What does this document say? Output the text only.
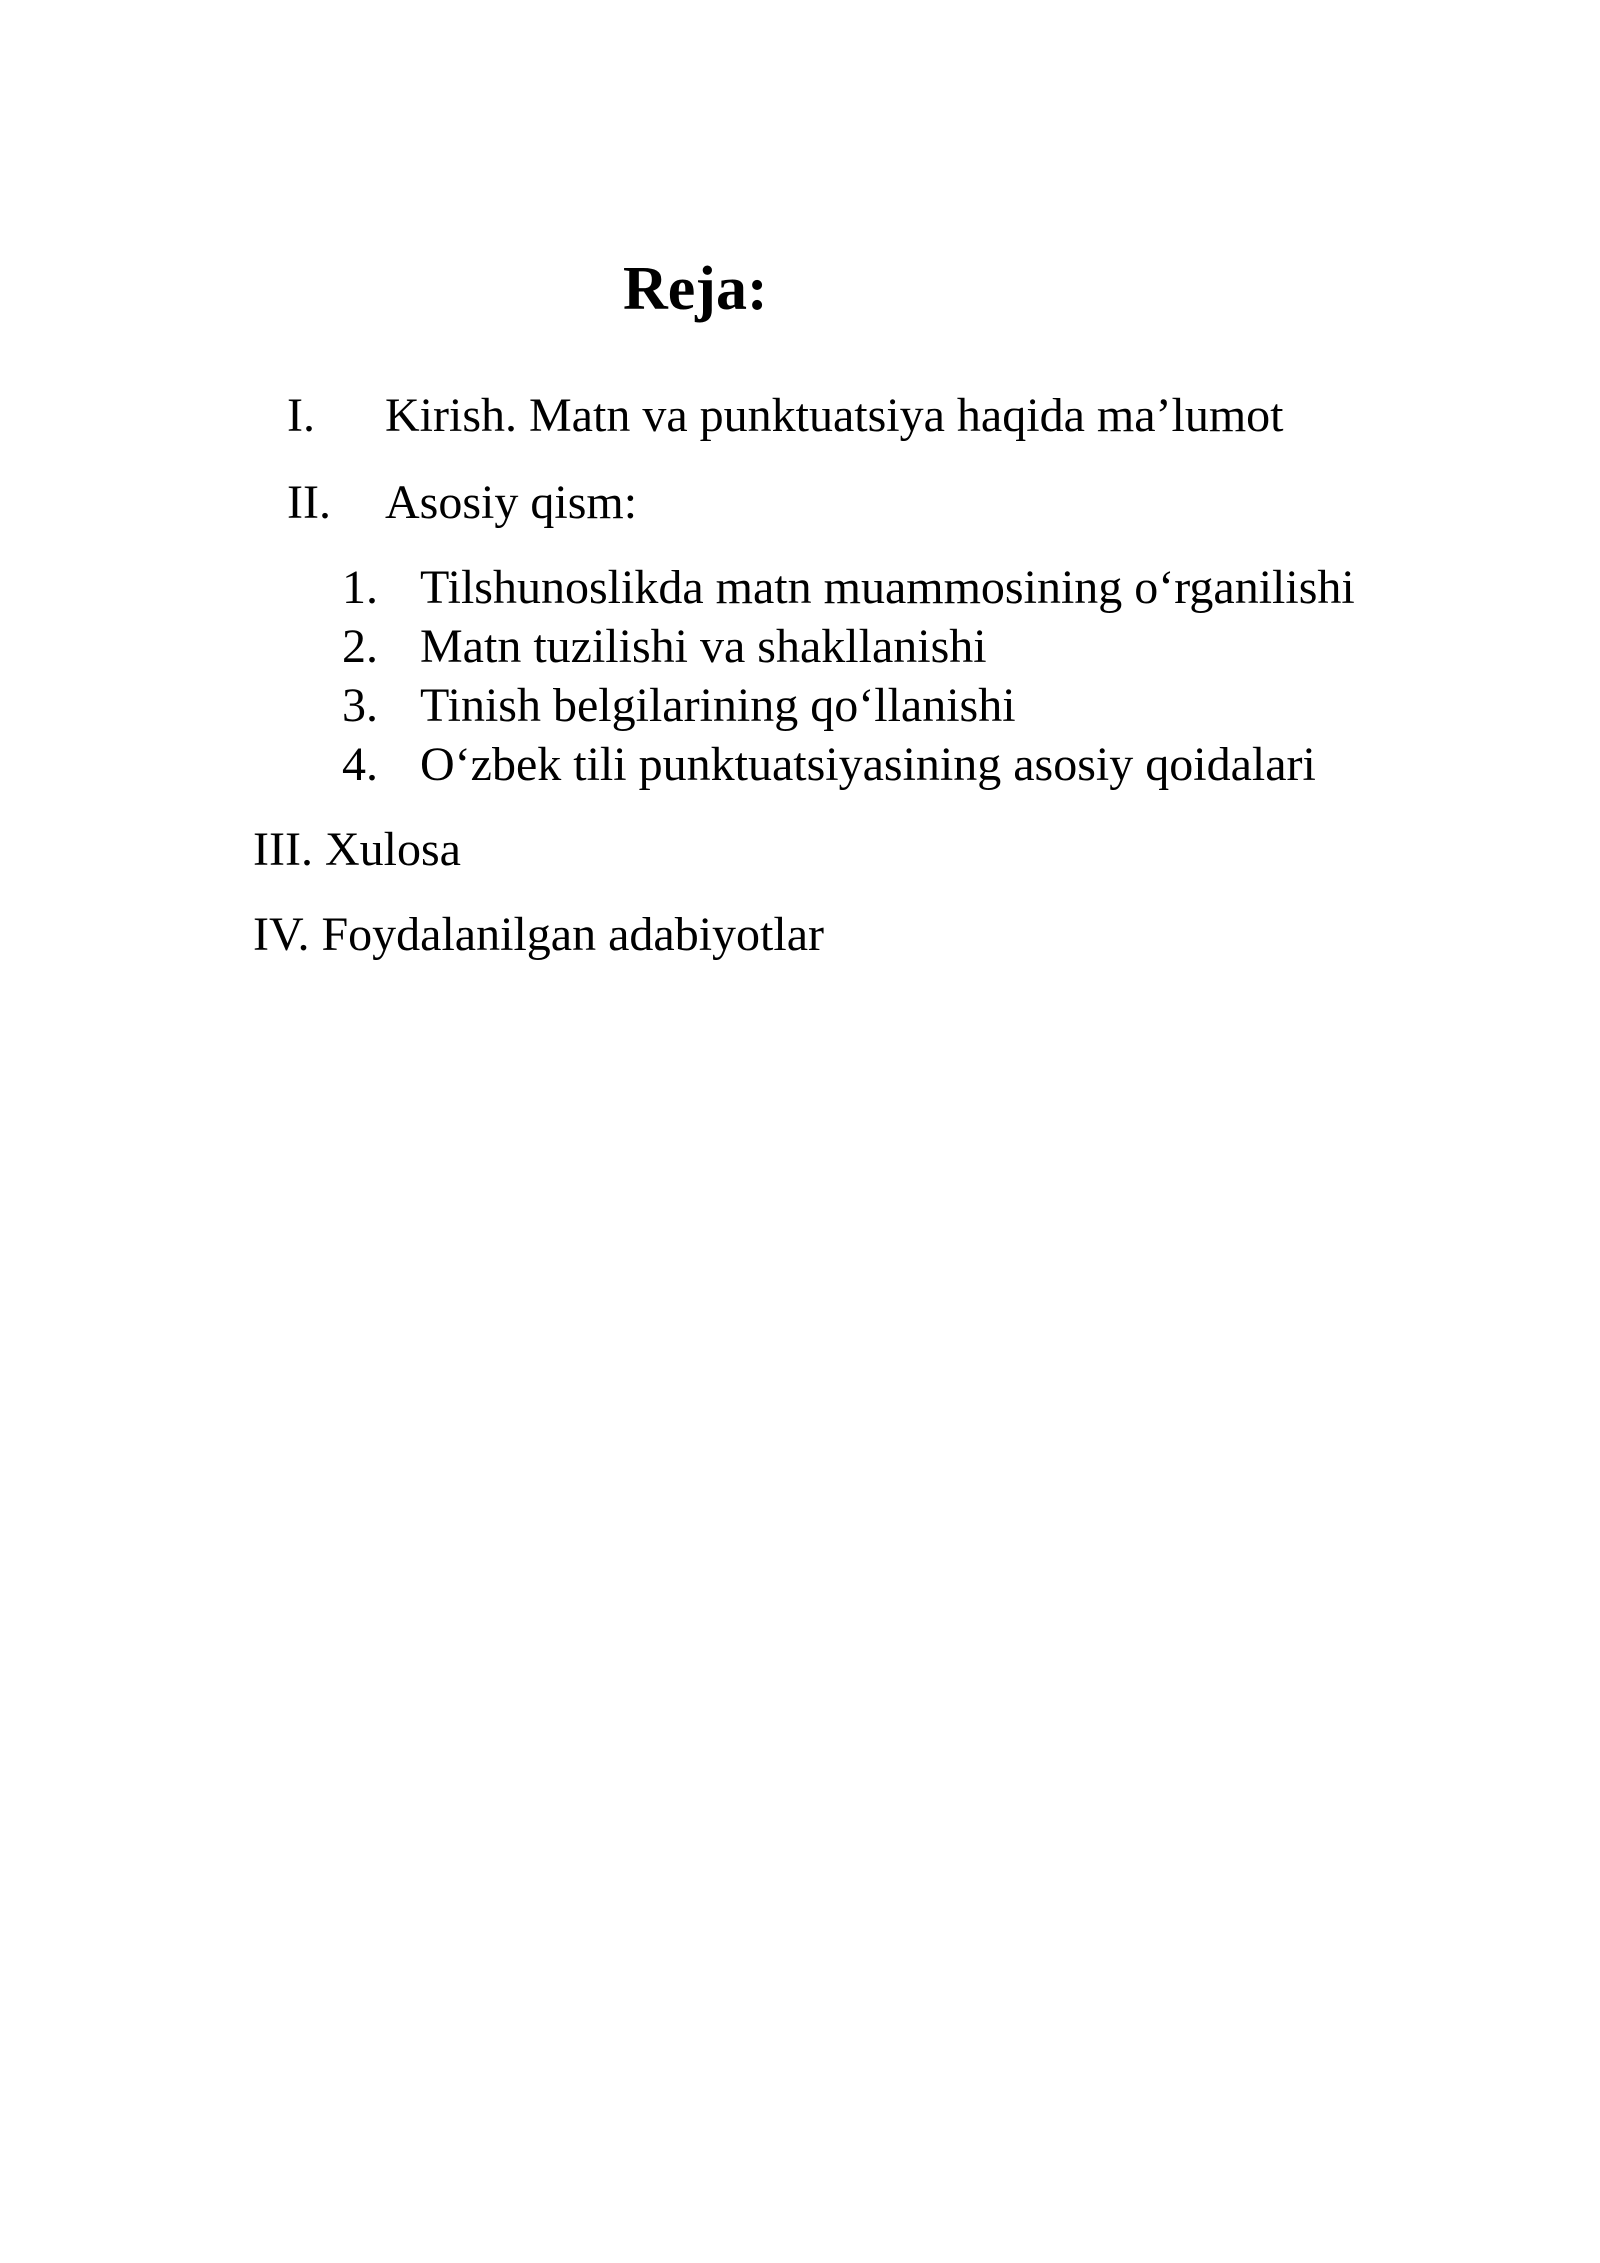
Reja:
I. Kirish. Matn va punktuatsiya haqida ma’lumot
II. Asosiy qism:
1. Tilshunoslikda matn muammosining o‘rganilishi
2. Matn tuzilishi va shakllanishi
3. Tinish belgilarining qo‘llanishi
4. O‘zbek tili punktuatsiyasining asosiy qoidalari
III. Xulosa
IV. Foydalanilgan adabiyotlar
